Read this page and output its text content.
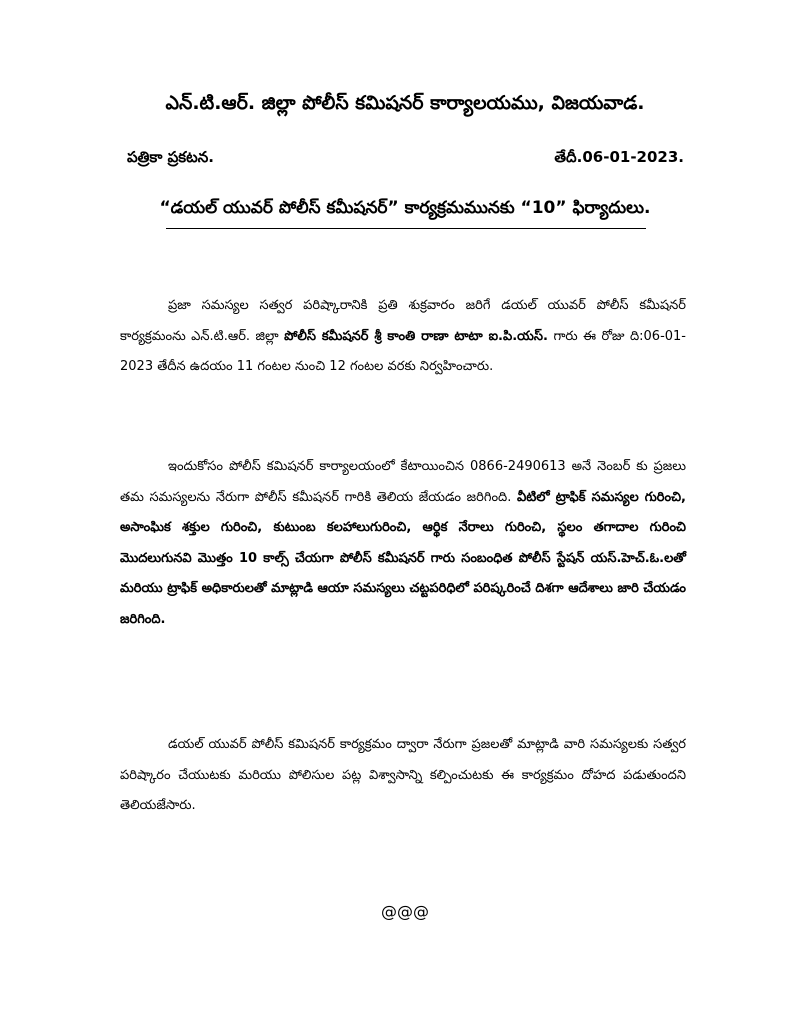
ఎన్.టి.ఆర్. జిల్లా పోలీస్ కమిషనర్ కార్యాలయము, విజయవాడ.
పత్రికా ప్రకటన.	తేదీ.06-01-2023.
“డయల్ యువర్ పోలీస్ కమీషనర్” కార్యక్రమమునకు “10” ఫిర్యాదులు.

ప్రజా సమస్యల సత్వర పరిష్కారానికి ప్రతి శుక్రవారం జరిగే డయల్ యువర్ పోలీస్ కమీషనర్ కార్యక్రమంను ఎన్.టి.ఆర్. జిల్లా పోలీస్ కమీషనర్ శ్రీ కాంతి రాణా టాటా ఐ.పి.యస్. గారు ఈ రోజు ది:06-01-2023 తేదీన ఉదయం 11 గంటల నుంచి 12 గంటల వరకు నిర్వహించారు.

ఇందుకోసం పోలీస్ కమిషనర్ కార్యాలయంలో కేటాయించిన 0866-2490613 అనే నెంబర్ కు ప్రజలు తమ సమస్యలను నేరుగా పోలీస్ కమీషనర్ గారికి తెలియ జేయడం జరిగింది. వీటిలో ట్రాఫిక్ సమస్యల గురించి, అసాంఘిక శక్తుల గురించి, కుటుంబ కలహాలుగురించి, ఆర్థిక నేరాలు గురించి, స్థలం తగాదాల గురించి మొదలుగునవి మొత్తం 10 కాల్స్ చేయగా పోలీస్ కమీషనర్ గారు సంబంధిత పోలీస్ స్టేషన్ యస్.హెచ్.ఓ.లతో మరియు ట్రాఫిక్ అధికారులతో మాట్లాడి ఆయా సమస్యలు చట్టపరిధిలో పరిష్కరించే దిశగా ఆదేశాలు జారి చేయడం జరిగింది.

డయల్ యువర్ పోలీస్ కమిషనర్ కార్యక్రమం ద్వారా నేరుగా ప్రజలతో మాట్లాడి వారి సమస్యలకు సత్వర పరిష్కారం చేయుటకు మరియు పోలిసుల పట్ల విశ్వాసాన్ని కల్పించుటకు ఈ కార్యక్రమం దోహద పడుతుందని తెలియజేసారు.

@@@
